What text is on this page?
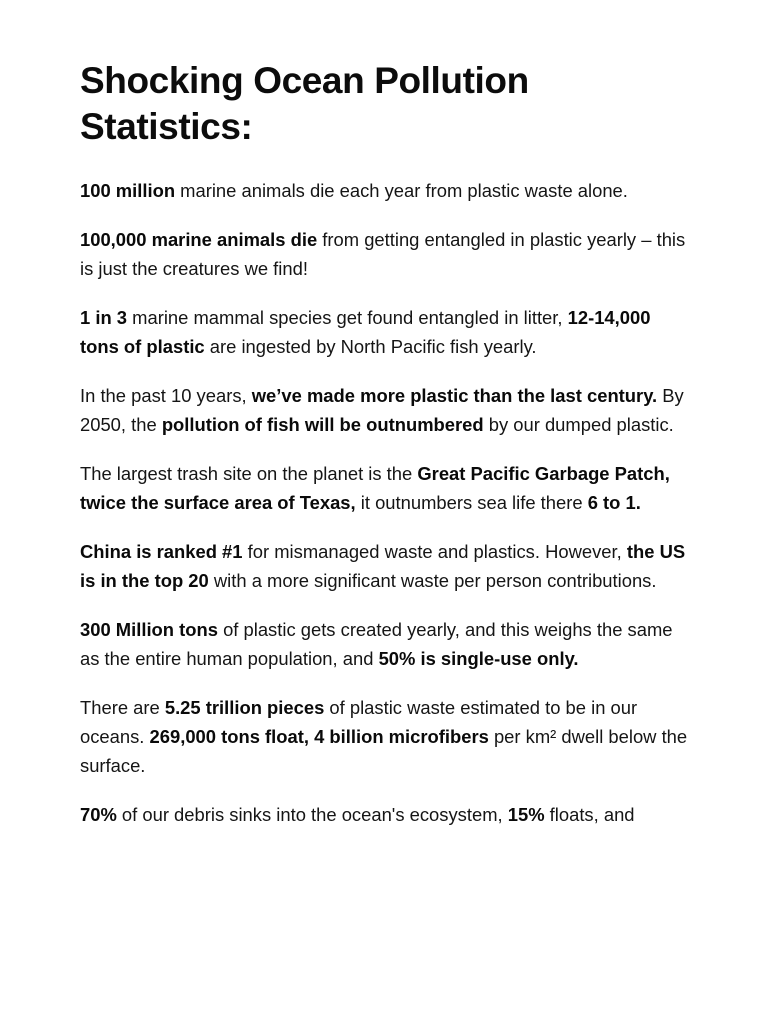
Shocking Ocean Pollution Statistics:

100 million marine animals die each year from plastic waste alone.

100,000 marine animals die from getting entangled in plastic yearly – this is just the creatures we find!

1 in 3 marine mammal species get found entangled in litter, 12-14,000 tons of plastic are ingested by North Pacific fish yearly.

In the past 10 years, we’ve made more plastic than the last century. By 2050, the pollution of fish will be outnumbered by our dumped plastic.

The largest trash site on the planet is the Great Pacific Garbage Patch, twice the surface area of Texas, it outnumbers sea life there 6 to 1.

China is ranked #1 for mismanaged waste and plastics. However, the US is in the top 20 with a more significant waste per person contributions.

300 Million tons of plastic gets created yearly, and this weighs the same as the entire human population, and 50% is single-use only.

There are 5.25 trillion pieces of plastic waste estimated to be in our oceans. 269,000 tons float, 4 billion microfibers per km² dwell below the surface.

70% of our debris sinks into the ocean's ecosystem, 15% floats, and
